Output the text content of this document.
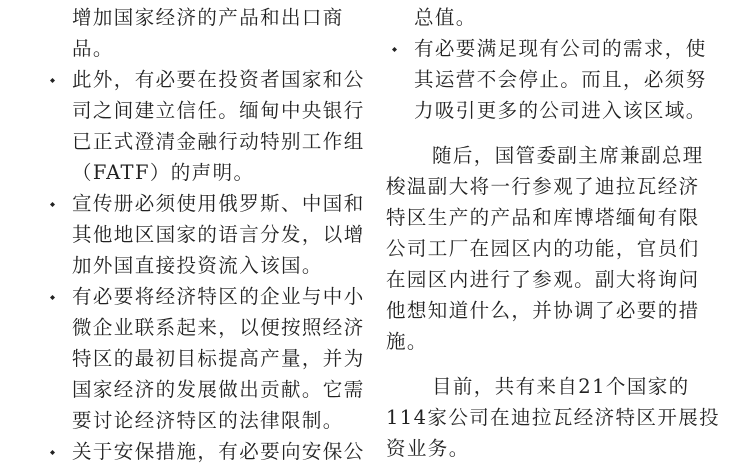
增加国家经济的产品和出口商
品。
此外，有必要在投资者国家和公
司之间建立信任。缅甸中央银行
已正式澄清金融行动特别工作组
（FATF）的声明。
宣传册必须使用俄罗斯、中国和
其他地区国家的语言分发，以增
加外国直接投资流入该国。
有必要将经济特区的企业与中小
微企业联系起来，以便按照经济
特区的最初目标提高产量，并为
国家经济的发展做出贡献。它需
要讨论经济特区的法律限制。
关于安保措施，有必要向安保公
总值。
有必要满足现有公司的需求，使
其运营不会停止。而且，必须努
力吸引更多的公司进入该区域。
随后，国管委副主席兼副总理
梭温副大将一行参观了迪拉瓦经济
特区生产的产品和库博塔缅甸有限
公司工厂在园区内的功能，官员们
在园区内进行了参观。副大将询问
他想知道什么，并协调了必要的措
施。
目前，共有来自21个国家的
114家公司在迪拉瓦经济特区开展投
资业务。
